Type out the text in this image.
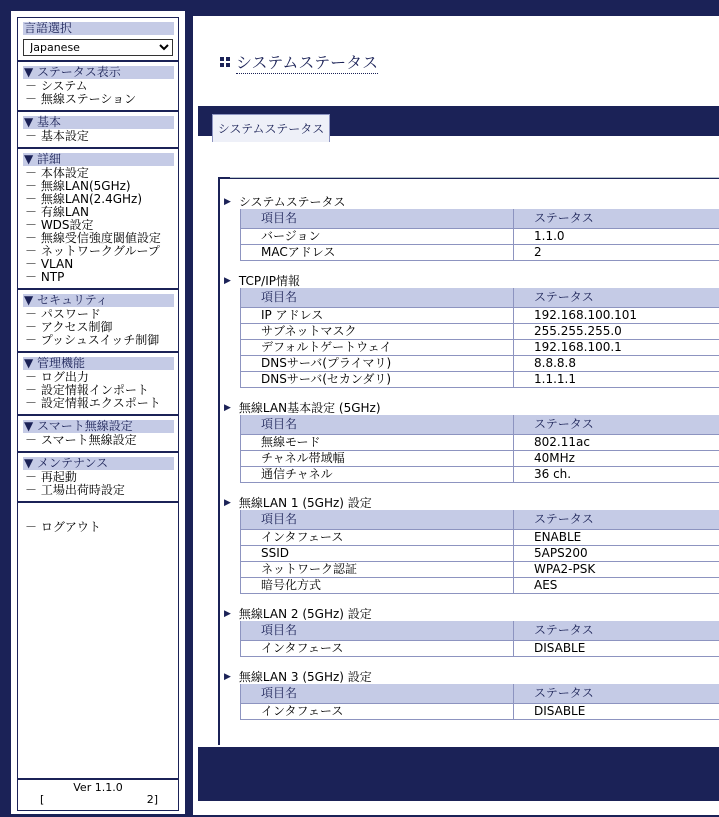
言語選択
Japanese
▼ ステータス表示
－ システム
－ 無線ステーション
▼ 基本
－ 基本設定
▼ 詳細
－ 本体設定
－ 無線LAN(5GHz)
－ 無線LAN(2.4GHz)
－ 有線LAN
－ WDS設定
－ 無線受信強度閾値設定
－ ネットワークグループ
－ VLAN
－ NTP
▼ セキュリティ
－ パスワード
－ アクセス制御
－ プッシュスイッチ制御
▼ 管理機能
－ ログ出力
－ 設定情報インポート
－ 設定情報エクスポート
▼ スマート無線設定
－ スマート無線設定
▼ メンテナンス
－ 再起動
－ 工場出荷時設定
－ ログアウト
Ver 1.1.0
[	2]
システムステータス
システムステータス
▶ システムステータス
項目名	ステータス
バージョン	1.1.0
MACアドレス	2
▶ TCP/IP情報
項目名	ステータス
IP アドレス	192.168.100.101
サブネットマスク	255.255.255.0
デフォルトゲートウェイ	192.168.100.1
DNSサーバ(プライマリ)	8.8.8.8
DNSサーバ(セカンダリ)	1.1.1.1
▶ 無線LAN基本設定 (5GHz)
項目名	ステータス
無線モード	802.11ac
チャネル帯域幅	40MHz
通信チャネル	36 ch.
▶ 無線LAN 1 (5GHz) 設定
項目名	ステータス
インタフェース	ENABLE
SSID	5APS200
ネットワーク認証	WPA2-PSK
暗号化方式	AES
▶ 無線LAN 2 (5GHz) 設定
項目名	ステータス
インタフェース	DISABLE
▶ 無線LAN 3 (5GHz) 設定
項目名	ステータス
インタフェース	DISABLE
